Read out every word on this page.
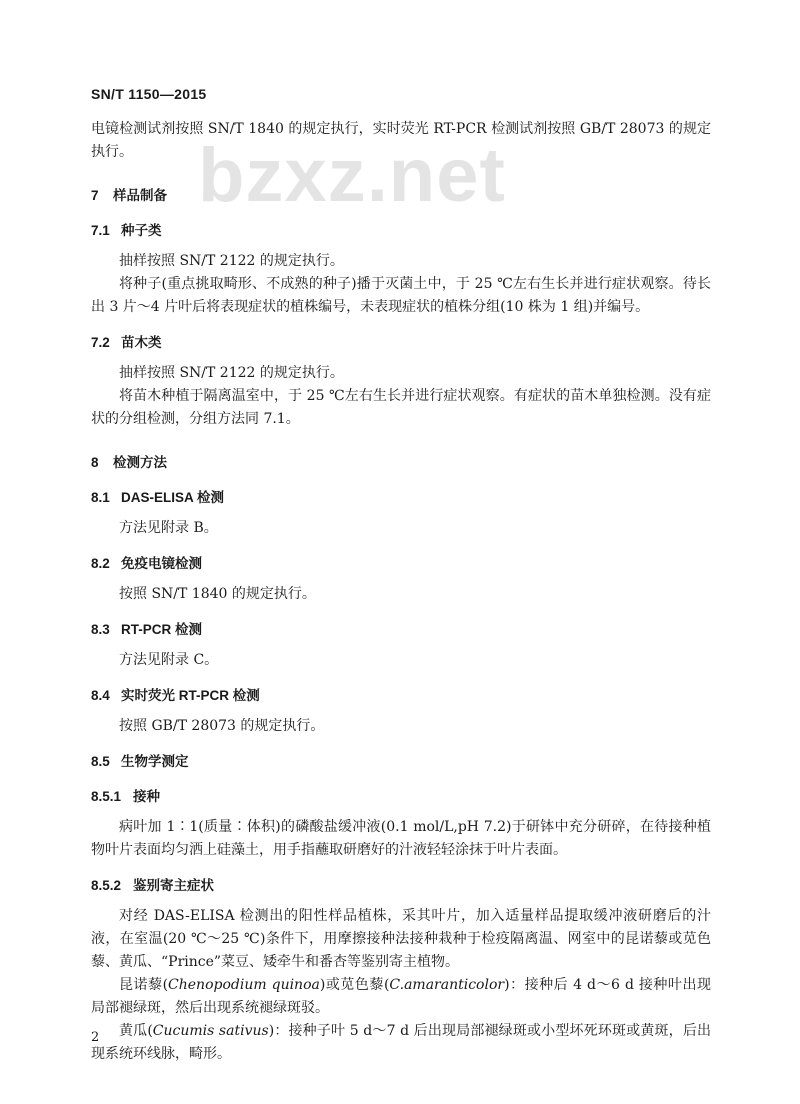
SN/T 1150—2015
bzxz.net

电镜检测试剂按照 SN/T 1840 的规定执行，实时荧光 RT-PCR 检测试剂按照 GB/T 28073 的规定执行。

7 样品制备

7.1 种子类

抽样按照 SN/T 2122 的规定执行。

将种子(重点挑取畸形、不成熟的种子)播于灭菌土中，于 25 ℃左右生长并进行症状观察。待长出 3 片～4 片叶后将表现症状的植株编号，未表现症状的植株分组(10 株为 1 组)并编号。

7.2 苗木类

抽样按照 SN/T 2122 的规定执行。

将苗木种植于隔离温室中，于 25 ℃左右生长并进行症状观察。有症状的苗木单独检测。没有症状的分组检测，分组方法同 7.1。

8 检测方法

8.1 DAS-ELISA 检测

方法见附录 B。

8.2 免疫电镜检测

按照 SN/T 1840 的规定执行。

8.3 RT-PCR 检测

方法见附录 C。

8.4 实时荧光 RT-PCR 检测

按照 GB/T 28073 的规定执行。

8.5 生物学测定

8.5.1 接种

病叶加 1∶1(质量∶体积)的磷酸盐缓冲液(0.1 mol/L,pH 7.2)于研钵中充分研碎，在待接种植物叶片表面均匀洒上硅藻土，用手指蘸取研磨好的汁液轻轻涂抹于叶片表面。

8.5.2 鉴别寄主症状

对经 DAS-ELISA 检测出的阳性样品植株，采其叶片，加入适量样品提取缓冲液研磨后的汁液，在室温(20 ℃～25 ℃)条件下，用摩擦接种法接种栽种于检疫隔离温、网室中的昆诺藜或苋色藜、黄瓜、“Prince”菜豆、矮牵牛和番杏等鉴别寄主植物。

昆诺藜(Chenopodium quinoa)或苋色藜(C.amaranticolor)：接种后 4 d～6 d 接种叶出现局部褪绿斑，然后出现系统褪绿斑驳。

黄瓜(Cucumis sativus)：接种子叶 5 d～7 d 后出现局部褪绿斑或小型坏死环斑或黄斑，后出现系统环线脉，畸形。

2
